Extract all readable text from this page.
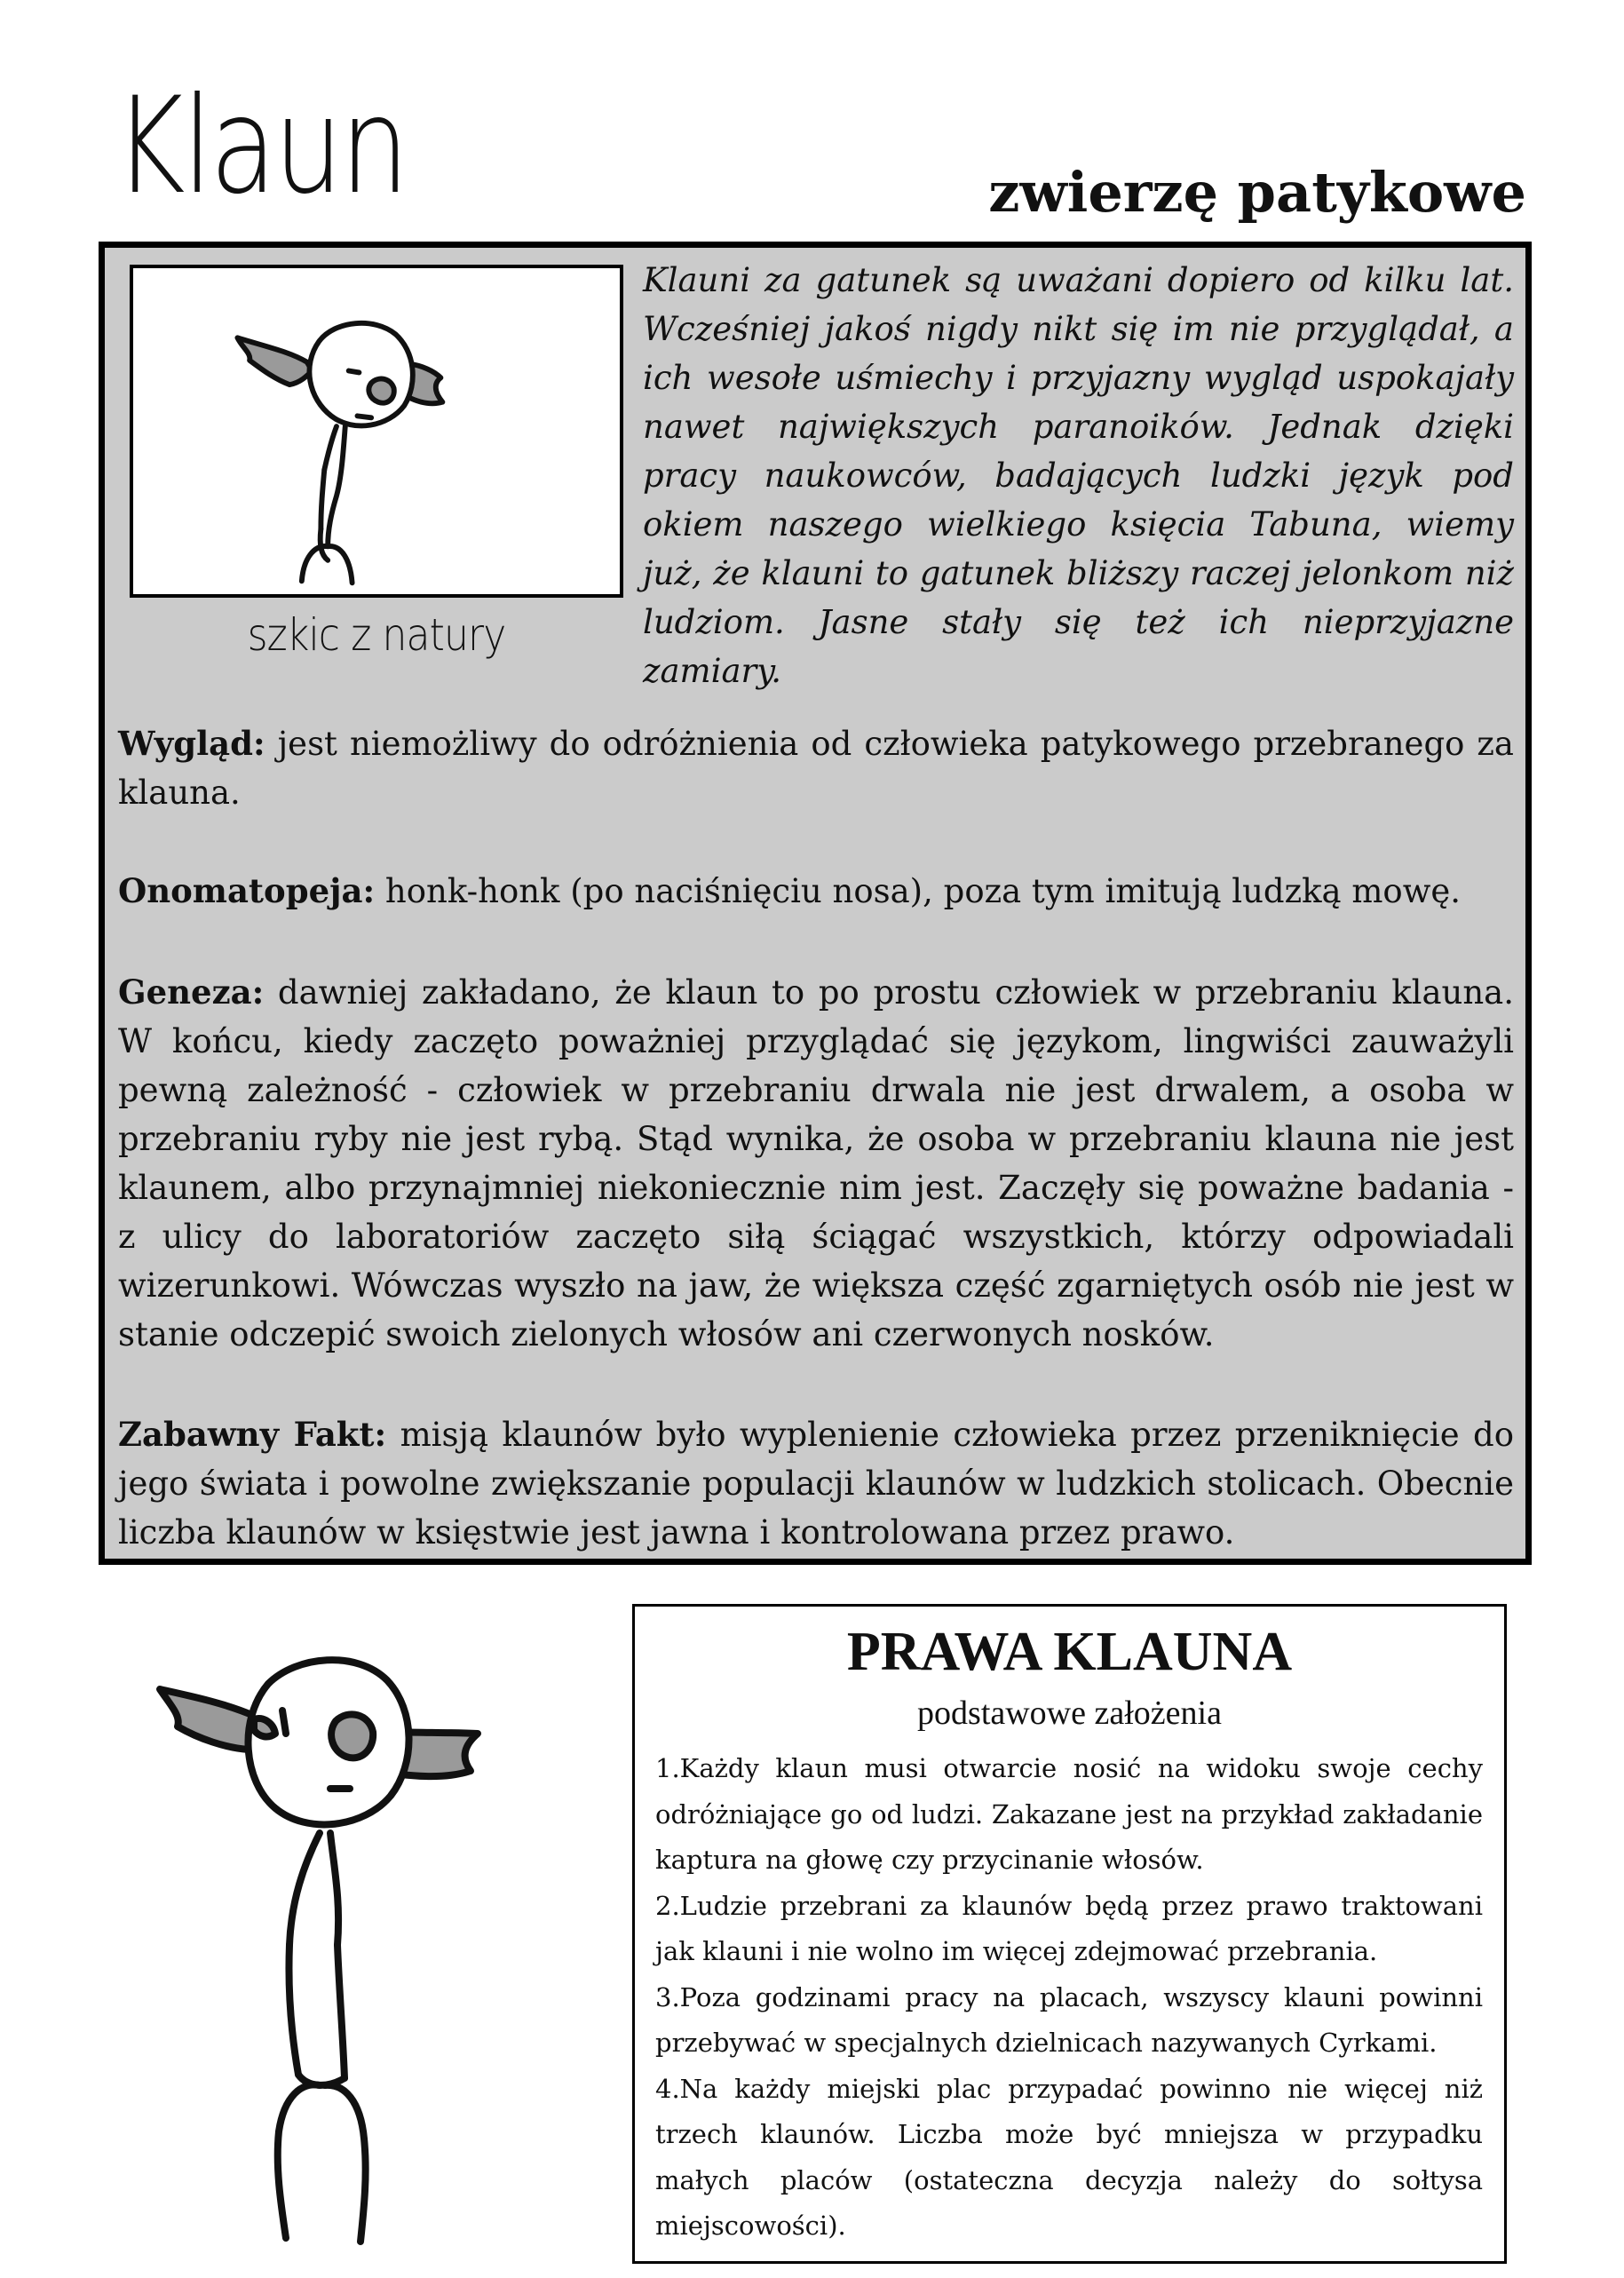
Klaun	zwierzę patykowe
szkic z natury

Klauni za gatunek są uważani dopiero od kilku lat. Wcześniej jakoś nigdy nikt się im nie przyglądał, a ich wesołe uśmiechy i przyjazny wygląd uspokajały nawet największych paranoików. Jednak dzięki pracy naukowców, badających ludzki język pod okiem naszego wielkiego księcia Tabuna, wiemy już, że klauni to gatunek bliższy raczej jelonkom niż ludziom. Jasne stały się też ich nieprzyjazne zamiary.

Wygląd: jest niemożliwy do odróżnienia od człowieka patykowego przebranego za klauna.

Onomatopeja: honk-honk (po naciśnięciu nosa), poza tym imitują ludzką mowę.

Geneza: dawniej zakładano, że klaun to po prostu człowiek w przebraniu klauna. W końcu, kiedy zaczęto poważniej przyglądać się językom, lingwiści zauważyli pewną zależność - człowiek w przebraniu drwala nie jest drwalem, a osoba w przebraniu ryby nie jest rybą. Stąd wynika, że osoba w przebraniu klauna nie jest klaunem, albo przynajmniej niekoniecznie nim jest. Zaczęły się poważne badania - z ulicy do laboratoriów zaczęto siłą ściągać wszystkich, którzy odpowiadali wizerunkowi. Wówczas wyszło na jaw, że większa część zgarniętych osób nie jest w stanie odczepić swoich zielonych włosów ani czerwonych nosków.

Zabawny Fakt: misją klaunów było wyplenienie człowieka przez przeniknięcie do jego świata i powolne zwiększanie populacji klaunów w ludzkich stolicach. Obecnie liczba klaunów w księstwie jest jawna i kontrolowana przez prawo.

PRAWA KLAUNA
podstawowe założenia
1.Każdy klaun musi otwarcie nosić na widoku swoje cechy odróżniające go od ludzi. Zakazane jest na przykład zakładanie kaptura na głowę czy przycinanie włosów.
2.Ludzie przebrani za klaunów będą przez prawo traktowani jak klauni i nie wolno im więcej zdejmować przebrania.
3.Poza godzinami pracy na placach, wszyscy klauni powinni przebywać w specjalnych dzielnicach nazywanych Cyrkami.
4.Na każdy miejski plac przypadać powinno nie więcej niż trzech klaunów. Liczba może być mniejsza w przypadku małych placów (ostateczna decyzja należy do sołtysa miejscowości).
